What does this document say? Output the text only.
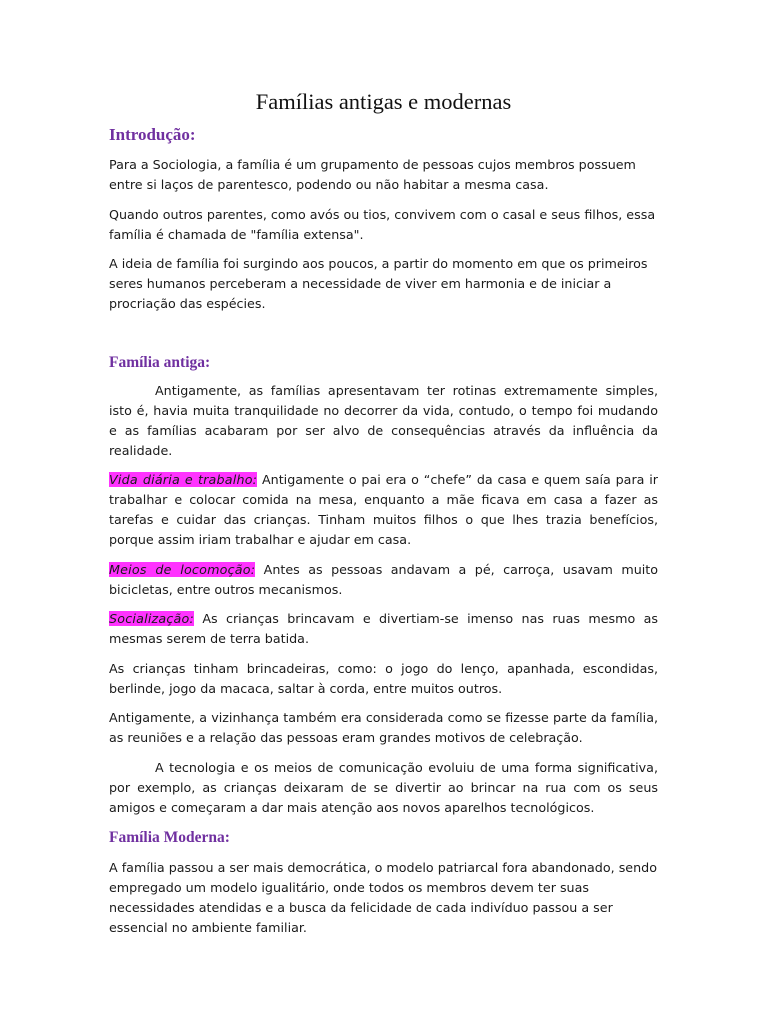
Famílias antigas e modernas
Introdução:

Para a Sociologia, a família é um grupamento de pessoas cujos membros possuem entre si laços de parentesco, podendo ou não habitar a mesma casa.

Quando outros parentes, como avós ou tios, convivem com o casal e seus filhos, essa família é chamada de "família extensa".

A ideia de família foi surgindo aos poucos, a partir do momento em que os primeiros seres humanos perceberam a necessidade de viver em harmonia e de iniciar a procriação das espécies.

Família antiga:

Antigamente, as famílias apresentavam ter rotinas extremamente simples, isto é, havia muita tranquilidade no decorrer da vida, contudo, o tempo foi mudando e as famílias acabaram por ser alvo de consequências através da influência da realidade.

Vida diária e trabalho: Antigamente o pai era o “chefe” da casa e quem saía para ir trabalhar e colocar comida na mesa, enquanto a mãe ficava em casa a fazer as tarefas e cuidar das crianças. Tinham muitos filhos o que lhes trazia benefícios, porque assim iriam trabalhar e ajudar em casa.

Meios de locomoção: Antes as pessoas andavam a pé, carroça, usavam muito bicicletas, entre outros mecanismos.

Socialização: As crianças brincavam e divertiam-se imenso nas ruas mesmo as mesmas serem de terra batida.

As crianças tinham brincadeiras, como: o jogo do lenço, apanhada, escondidas, berlinde, jogo da macaca, saltar à corda, entre muitos outros.

Antigamente, a vizinhança também era considerada como se fizesse parte da família, as reuniões e a relação das pessoas eram grandes motivos de celebração.

A tecnologia e os meios de comunicação evoluiu de uma forma significativa, por exemplo, as crianças deixaram de se divertir ao brincar na rua com os seus amigos e começaram a dar mais atenção aos novos aparelhos tecnológicos.

Família Moderna:

A família passou a ser mais democrática, o modelo patriarcal fora abandonado, sendo empregado um modelo igualitário, onde todos os membros devem ter suas necessidades atendidas e a busca da felicidade de cada indivíduo passou a ser essencial no ambiente familiar.
